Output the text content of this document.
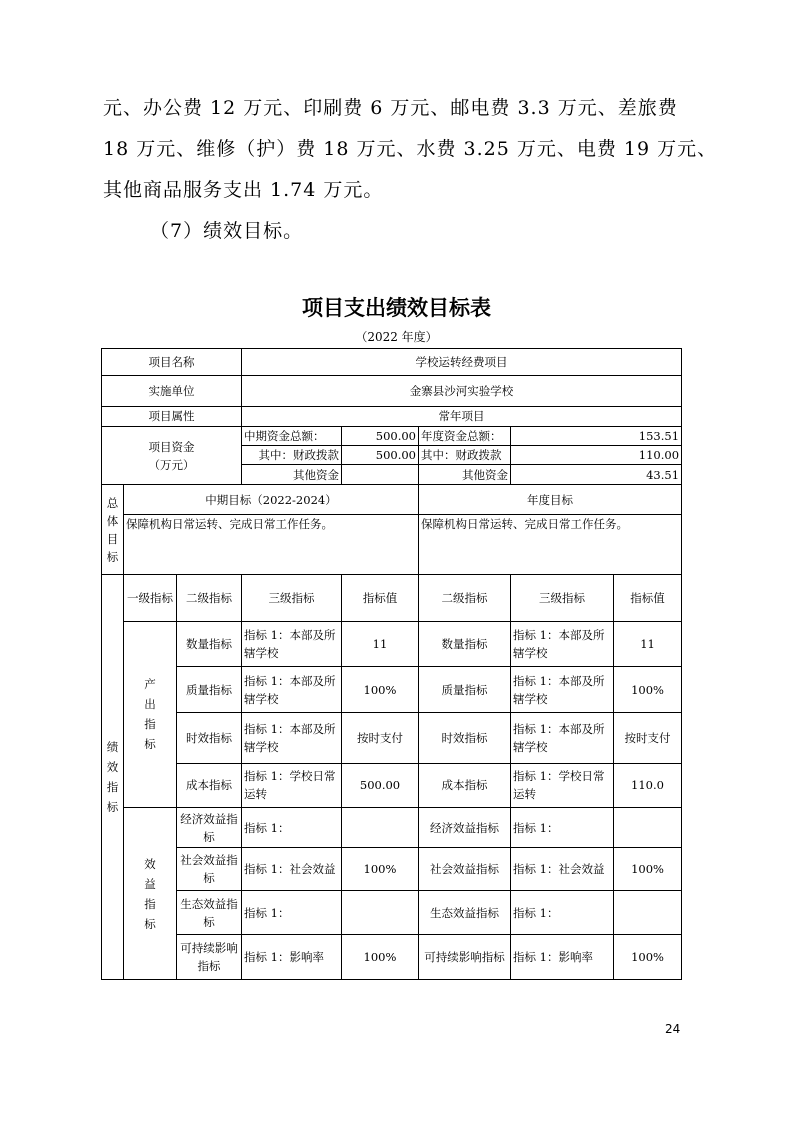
元、办公费 12 万元、印刷费 6 万元、邮电费 3.3 万元、差旅费

18 万元、维修（护）费 18 万元、水费 3.25 万元、电费 19 万元、

其他商品服务支出 1.74 万元。

（7）绩效目标。

项目支出绩效目标表
（2022 年度）
项目名称			学校运转经费项目				
实施单位			金寨县沙河实验学校				
项目属性			常年项目				

项目资金
（万元）			中期资金总额：	500.00	年度资金总额：	153.51	
			其中：财政拨款	500.00	其中：财政拨款	110.00	
			其他资金		其他资金	43.51	
总体目标	中期目标（2022-2024）				年度目标		
	保障机构日常运转、完成日常工作任务。				保障机构日常运转、完成日常工作任务。		
绩效指标	一级指标	二级指标	三级指标	指标值	二级指标	三级指标	指标值
	产出指标	数量指标	指标 1：本部及所辖学校	11	数量指标	指标 1：本部及所辖学校	11
		质量指标	指标 1：本部及所辖学校	100%	质量指标	指标 1：本部及所辖学校	100%
		时效指标	指标 1：本部及所辖学校	按时支付	时效指标	指标 1：本部及所辖学校	按时支付
		成本指标	指标 1：学校日常运转	500.00	成本指标	指标 1：学校日常运转	110.0
	效益指标	经济效益指标	指标 1：		经济效益指标	指标 1：	
		社会效益指标	指标 1：社会效益	100%	社会效益指标	指标 1：社会效益	100%
		生态效益指标	指标 1：		生态效益指标	指标 1：	
		可持续影响指标	指标 1：影响率	100%	可持续影响指标	指标 1：影响率	100%
24
